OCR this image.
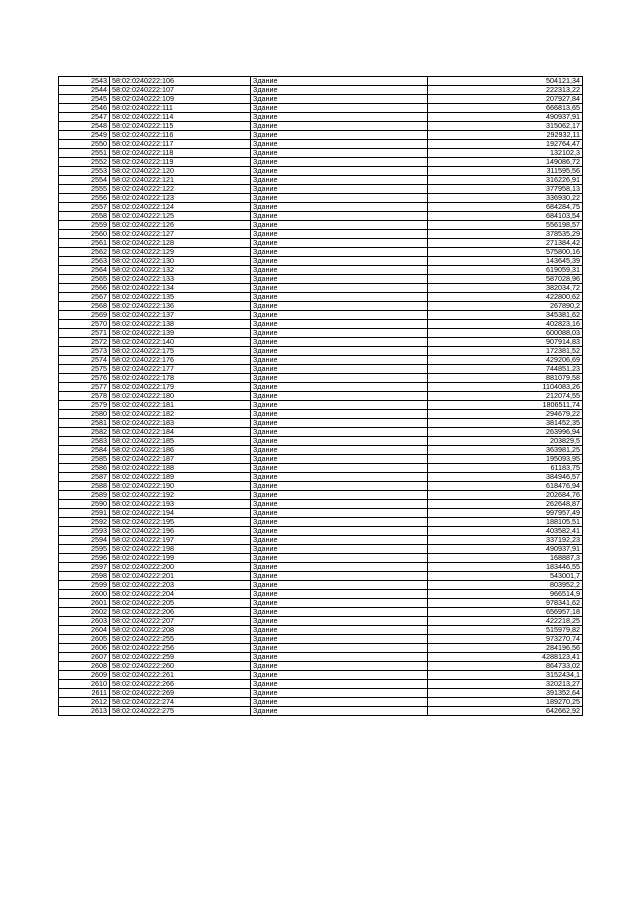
2543	58:02:0240222:106	Здание	504121,34
2544	58:02:0240222:107	Здание	222313,22
2545	58:02:0240222:109	Здание	207927,84
2546	58:02:0240222:111	Здание	666813,65
2547	58:02:0240222:114	Здание	490937,91
2548	58:02:0240222:115	Здание	315062,17
2549	58:02:0240222:116	Здание	292932,11
2550	58:02:0240222:117	Здание	192764,47
2551	58:02:0240222:118	Здание	132102,3
2552	58:02:0240222:119	Здание	149086,72
2553	58:02:0240222:120	Здание	311595,56
2554	58:02:0240222:121	Здание	316226,91
2555	58:02:0240222:122	Здание	377958,13
2556	58:02:0240222:123	Здание	336930,22
2557	58:02:0240222:124	Здание	684284,75
2558	58:02:0240222:125	Здание	684103,54
2559	58:02:0240222:126	Здание	556198,57
2560	58:02:0240222:127	Здание	378535,29
2561	58:02:0240222:128	Здание	271384,42
2562	58:02:0240222:129	Здание	575800,16
2563	58:02:0240222:130	Здание	143645,39
2564	58:02:0240222:132	Здание	619059,31
2565	58:02:0240222:133	Здание	587028,96
2566	58:02:0240222:134	Здание	382034,72
2567	58:02:0240222:135	Здание	422800,62
2568	58:02:0240222:136	Здание	267890,2
2569	58:02:0240222:137	Здание	345381,62
2570	58:02:0240222:138	Здание	402823,16
2571	58:02:0240222:139	Здание	600088,03
2572	58:02:0240222:140	Здание	907914,83
2573	58:02:0240222:175	Здание	172381,52
2574	58:02:0240222:176	Здание	429206,69
2575	58:02:0240222:177	Здание	744851,23
2576	58:02:0240222:178	Здание	881079,58
2577	58:02:0240222:179	Здание	1104083,26
2578	58:02:0240222:180	Здание	212074,55
2579	58:02:0240222:181	Здание	1806511,74
2580	58:02:0240222:182	Здание	294679,22
2581	58:02:0240222:183	Здание	381452,35
2582	58:02:0240222:184	Здание	263996,94
2583	58:02:0240222:185	Здание	203829,5
2584	58:02:0240222:186	Здание	363981,25
2585	58:02:0240222:187	Здание	195093,95
2586	58:02:0240222:188	Здание	61183,75
2587	58:02:0240222:189	Здание	384946,57
2588	58:02:0240222:190	Здание	618476,94
2589	58:02:0240222:192	Здание	202684,76
2590	58:02:0240222:193	Здание	262648,87
2591	58:02:0240222:194	Здание	997957,49
2592	58:02:0240222:195	Здание	188105,51
2593	58:02:0240222:196	Здание	403582,41
2594	58:02:0240222:197	Здание	337192,23
2595	58:02:0240222:198	Здание	490937,91
2596	58:02:0240222:199	Здание	168887,3
2597	58:02:0240222:200	Здание	183446,55
2598	58:02:0240222:201	Здание	543001,7
2599	58:02:0240222:203	Здание	803952,2
2600	58:02:0240222:204	Здание	966514,9
2601	58:02:0240222:205	Здание	978341,62
2602	58:02:0240222:206	Здание	656957,18
2603	58:02:0240222:207	Здание	422218,25
2604	58:02:0240222:208	Здание	515979,82
2605	58:02:0240222:255	Здание	973270,74
2606	58:02:0240222:256	Здание	284196,56
2607	58:02:0240222:259	Здание	4288123,41
2608	58:02:0240222:260	Здание	864733,02
2609	58:02:0240222:261	Здание	3152434,1
2610	58:02:0240222:266	Здание	320213,27
2611	58:02:0240222:269	Здание	391352,64
2612	58:02:0240222:274	Здание	189270,25
2613	58:02:0240222:275	Здание	642662,92
